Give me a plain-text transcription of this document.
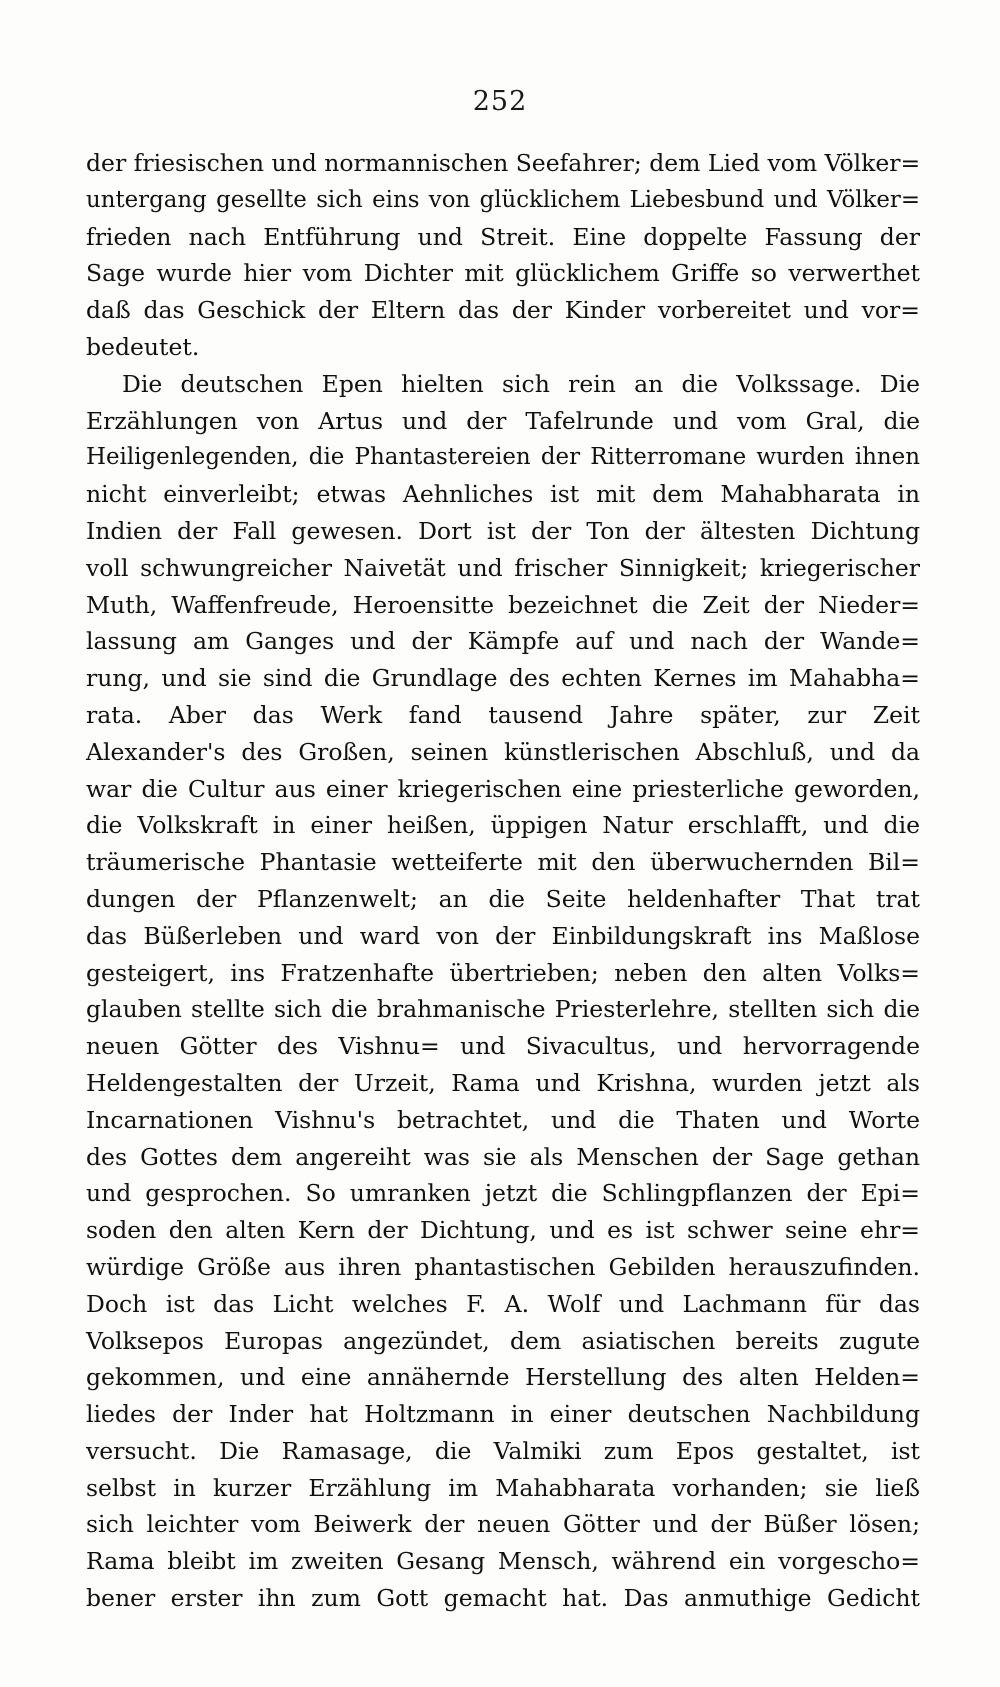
252
der friesischen und normannischen Seefahrer; dem Lied vom Völker=
untergang gesellte sich eins von glücklichem Liebesbund und Völker=
frieden nach Entführung und Streit. Eine doppelte Fassung der
Sage wurde hier vom Dichter mit glücklichem Griffe so verwerthet
daß das Geschick der Eltern das der Kinder vorbereitet und vor=
bedeutet.
Die deutschen Epen hielten sich rein an die Volkssage. Die
Erzählungen von Artus und der Tafelrunde und vom Gral, die
Heiligenlegenden, die Phantastereien der Ritterromane wurden ihnen
nicht einverleibt; etwas Aehnliches ist mit dem Mahabharata in
Indien der Fall gewesen. Dort ist der Ton der ältesten Dichtung
voll schwungreicher Naivetät und frischer Sinnigkeit; kriegerischer
Muth, Waffenfreude, Heroensitte bezeichnet die Zeit der Nieder=
lassung am Ganges und der Kämpfe auf und nach der Wande=
rung, und sie sind die Grundlage des echten Kernes im Mahabha=
rata. Aber das Werk fand tausend Jahre später, zur Zeit
Alexander's des Großen, seinen künstlerischen Abschluß, und da
war die Cultur aus einer kriegerischen eine priesterliche geworden,
die Volkskraft in einer heißen, üppigen Natur erschlafft, und die
träumerische Phantasie wetteiferte mit den überwuchernden Bil=
dungen der Pflanzenwelt; an die Seite heldenhafter That trat
das Büßerleben und ward von der Einbildungskraft ins Maßlose
gesteigert, ins Fratzenhafte übertrieben; neben den alten Volks=
glauben stellte sich die brahmanische Priesterlehre, stellten sich die
neuen Götter des Vishnu= und Sivacultus, und hervorragende
Heldengestalten der Urzeit, Rama und Krishna, wurden jetzt als
Incarnationen Vishnu's betrachtet, und die Thaten und Worte
des Gottes dem angereiht was sie als Menschen der Sage gethan
und gesprochen. So umranken jetzt die Schlingpflanzen der Epi=
soden den alten Kern der Dichtung, und es ist schwer seine ehr=
würdige Größe aus ihren phantastischen Gebilden herauszufinden.
Doch ist das Licht welches F. A. Wolf und Lachmann für das
Volksepos Europas angezündet, dem asiatischen bereits zugute
gekommen, und eine annähernde Herstellung des alten Helden=
liedes der Inder hat Holtzmann in einer deutschen Nachbildung
versucht. Die Ramasage, die Valmiki zum Epos gestaltet, ist
selbst in kurzer Erzählung im Mahabharata vorhanden; sie ließ
sich leichter vom Beiwerk der neuen Götter und der Büßer lösen;
Rama bleibt im zweiten Gesang Mensch, während ein vorgescho=
bener erster ihn zum Gott gemacht hat. Das anmuthige Gedicht
